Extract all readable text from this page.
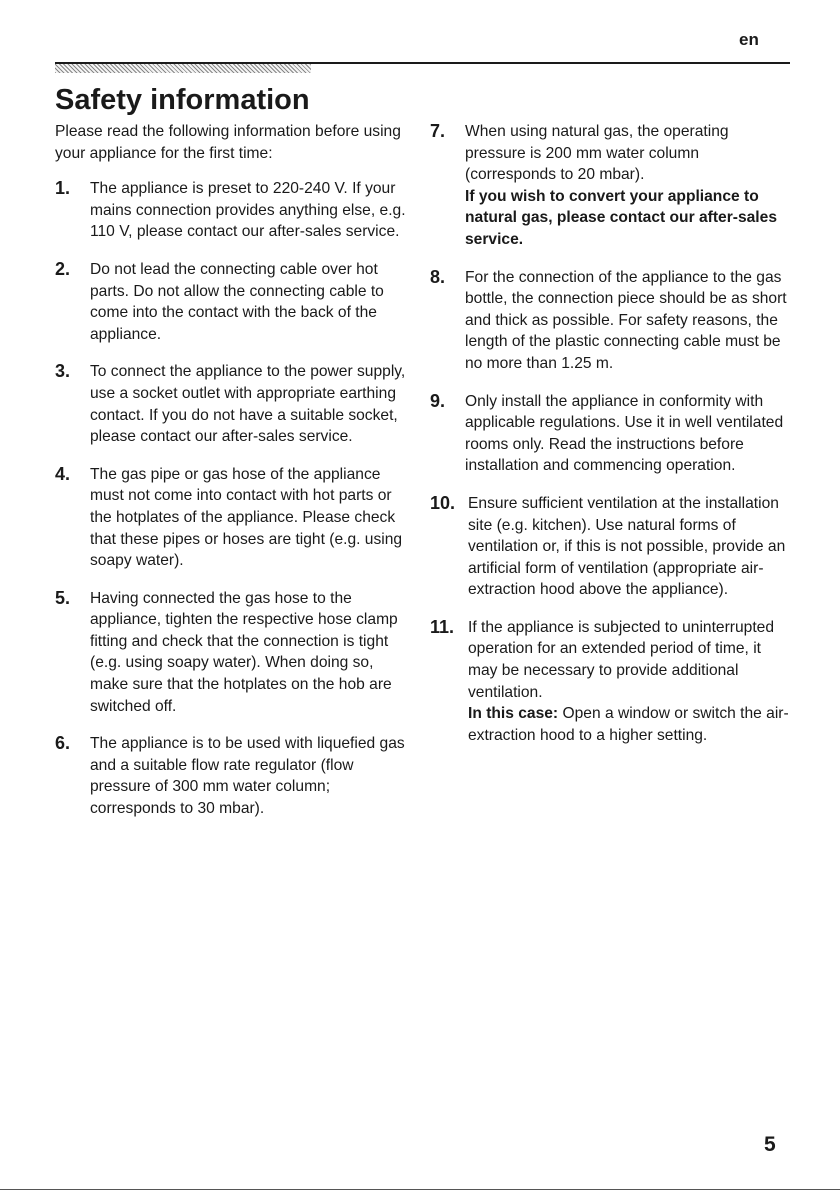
en
Safety information

Please read the following information before using your appliance for the first time:

1.	The appliance is preset to 220-240 V. If your mains connection provides anything else, e.g. 110 V, please contact our after-sales service.

2.	Do not lead the connecting cable over hot parts. Do not allow the connecting cable to come into the contact with the back of the appliance.

3.	To connect the appliance to the power supply, use a socket outlet with appropriate earthing contact. If you do not have a suitable socket, please contact our after-sales service.

4.	The gas pipe or gas hose of the appliance must not come into contact with hot parts or the hotplates of the appliance. Please check that these pipes or hoses are tight (e.g. using soapy water).

5.	Having connected the gas hose to the appliance, tighten the respective hose clamp fitting and check that the connection is tight (e.g. using soapy water). When doing so, make sure that the hotplates on the hob are switched off.

6.	The appliance is to be used with liquefied gas and a suitable flow rate regulator (flow pressure of 300 mm water column; corresponds to 30 mbar).

7.	When using natural gas, the operating pressure is 200 mm water column (corresponds to 20 mbar).

If you wish to convert your appliance to natural gas, please contact our after-sales service.

8.	For the connection of the appliance to the gas bottle, the connection piece should be as short and thick as possible. For safety reasons, the length of the plastic connecting cable must be no more than 1.25 m.

9.	Only install the appliance in conformity with applicable regulations. Use it in well ventilated rooms only. Read the instructions before installation and commencing operation.

10. Ensure sufficient ventilation at the installation site (e.g. kitchen). Use natural forms of ventilation or, if this is not possible, provide an artificial form of ventilation (appropriate air-extraction hood above the appliance).

11. If the appliance is subjected to uninterrupted operation for an extended period of time, it may be necessary to provide additional ventilation.

In this case: Open a window or switch the air-extraction hood to a higher setting.

5
